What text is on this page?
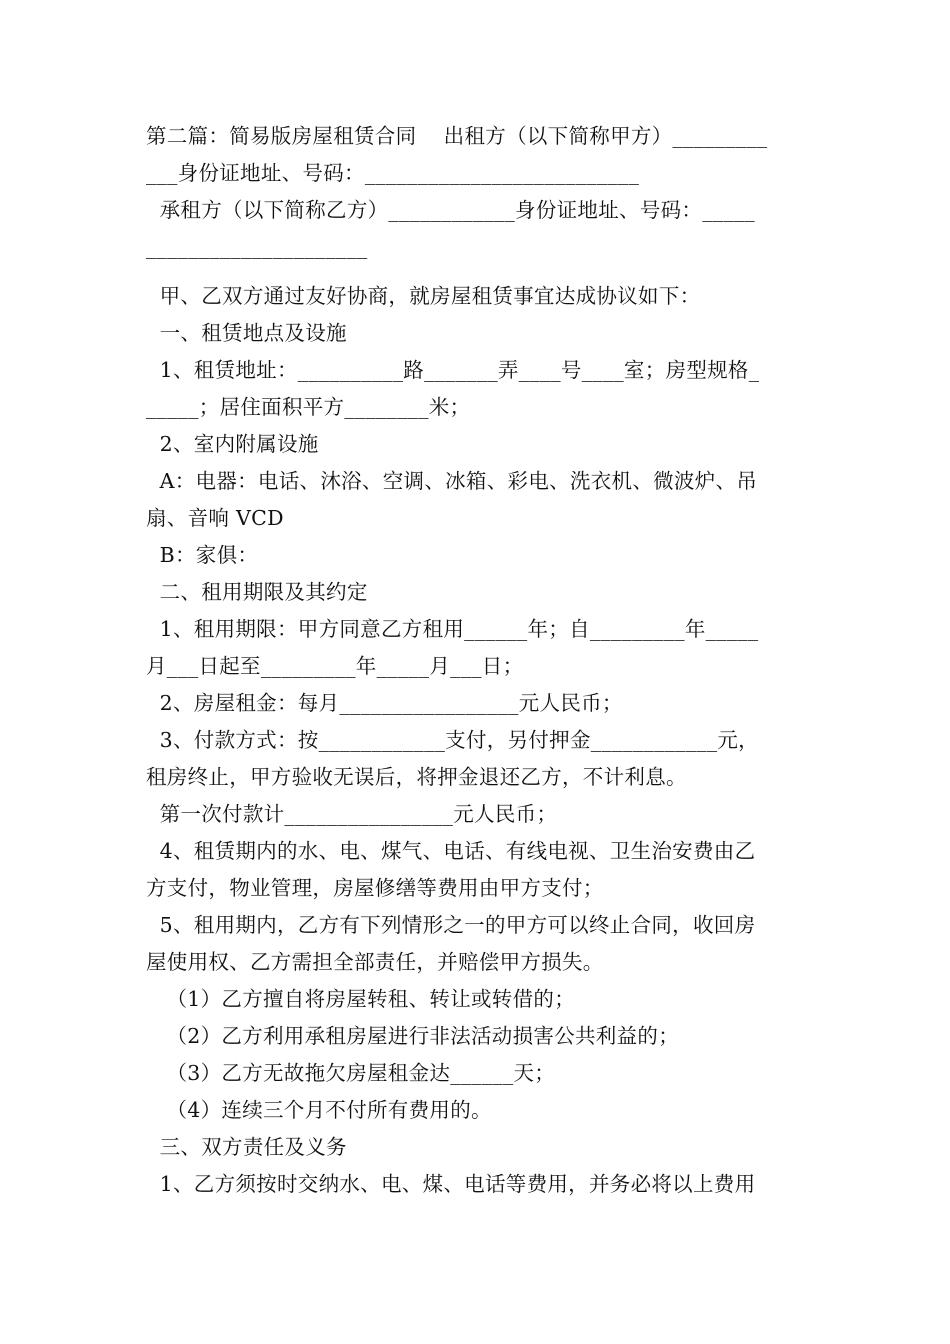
第二篇：简易版房屋租赁合同    出租方（以下简称甲方）_________
___身份证地址、号码：__________________________
承租方（以下简称乙方）____________身份证地址、号码：_____
_____________________
甲、乙双方通过友好协商，就房屋租赁事宜达成协议如下：
一、租赁地点及设施
1、租赁地址：__________路_______弄____号____室；房型规格_
_____；居住面积平方________米；
2、室内附属设施
A：电器：电话、沐浴、空调、冰箱、彩电、洗衣机、微波炉、吊
扇、音响 VCD
B：家俱：
二、租用期限及其约定
1、租用期限：甲方同意乙方租用______年；自_________年_____
月___日起至_________年_____月___日；
2、房屋租金：每月_________________元人民币；
3、付款方式：按____________支付，另付押金____________元，
租房终止，甲方验收无误后，将押金退还乙方，不计利息。
第一次付款计________________元人民币；
4、租赁期内的水、电、煤气、电话、有线电视、卫生治安费由乙
方支付，物业管理，房屋修缮等费用由甲方支付；
5、租用期内，乙方有下列情形之一的甲方可以终止合同，收回房
屋使用权、乙方需担全部责任，并赔偿甲方损失。
（1）乙方擅自将房屋转租、转让或转借的；
（2）乙方利用承租房屋进行非法活动损害公共利益的；
（3）乙方无故拖欠房屋租金达______天；
（4）连续三个月不付所有费用的。
三、双方责任及义务
1、乙方须按时交纳水、电、煤、电话等费用，并务必将以上费用
